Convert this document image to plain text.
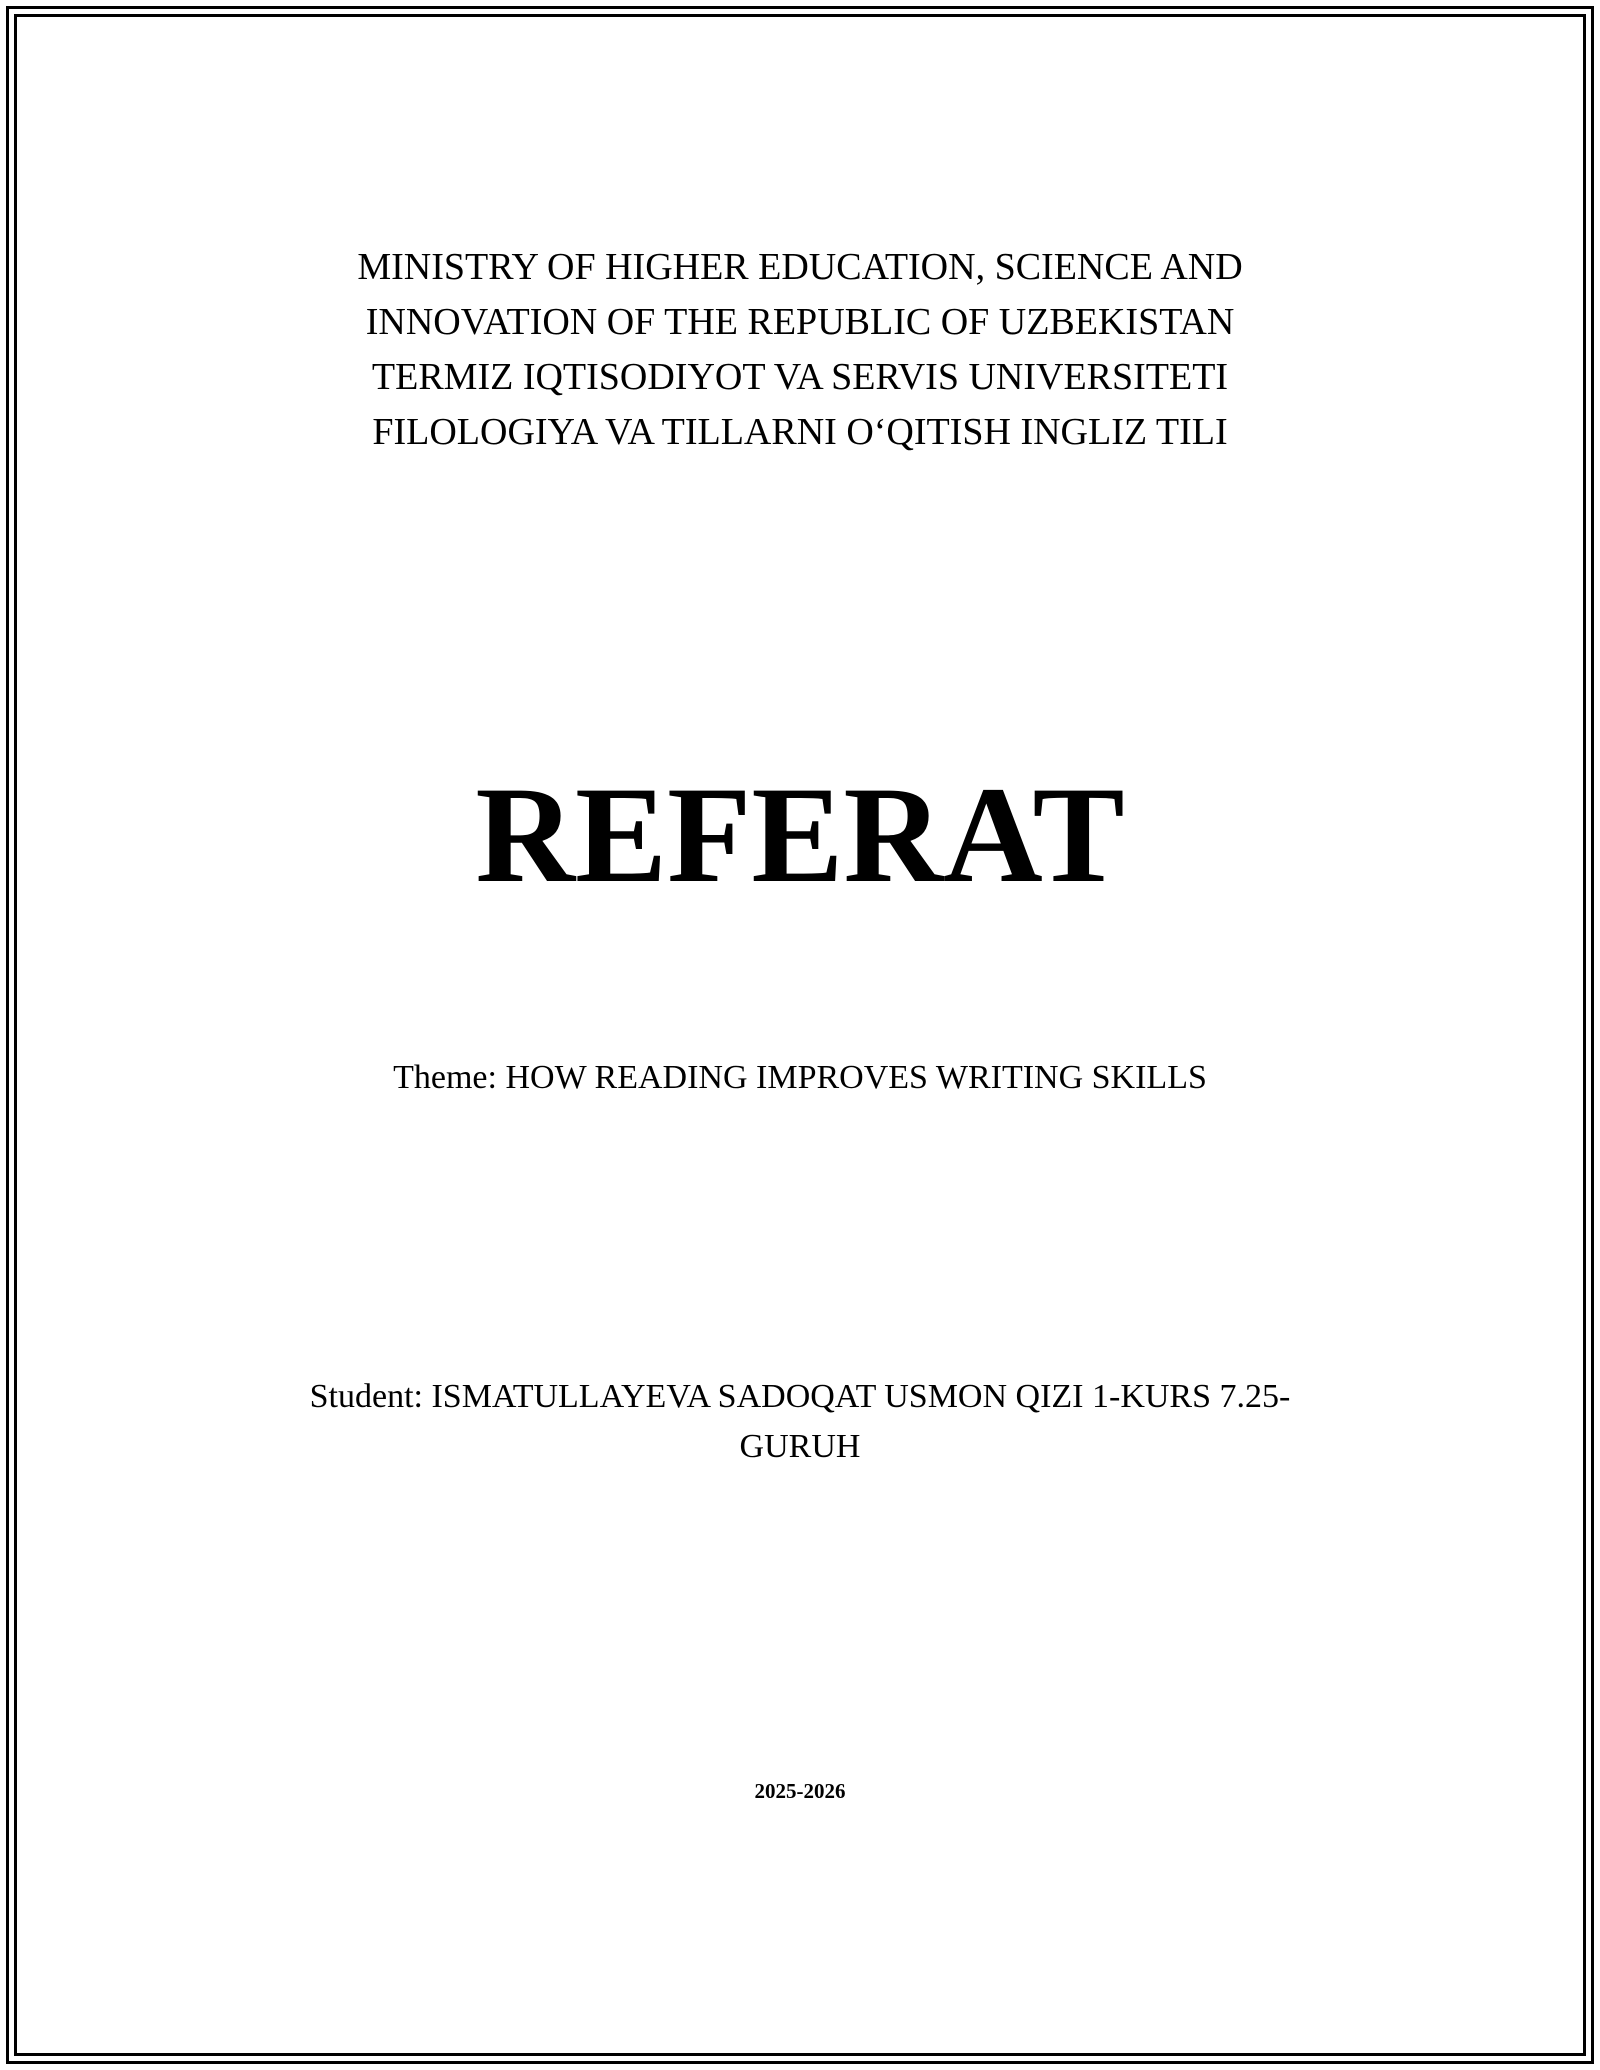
MINISTRY OF HIGHER EDUCATION, SCIENCE AND
INNOVATION OF THE REPUBLIC OF UZBEKISTAN
TERMIZ IQTISODIYOT VA SERVIS UNIVERSITETI
FILOLOGIYA VA TILLARNI O‘QITISH INGLIZ TILI
REFERAT
Theme: HOW READING IMPROVES WRITING SKILLS
Student: ISMATULLAYEVA SADOQAT USMON QIZI 1-KURS 7.25-GURUH
2025-2026
